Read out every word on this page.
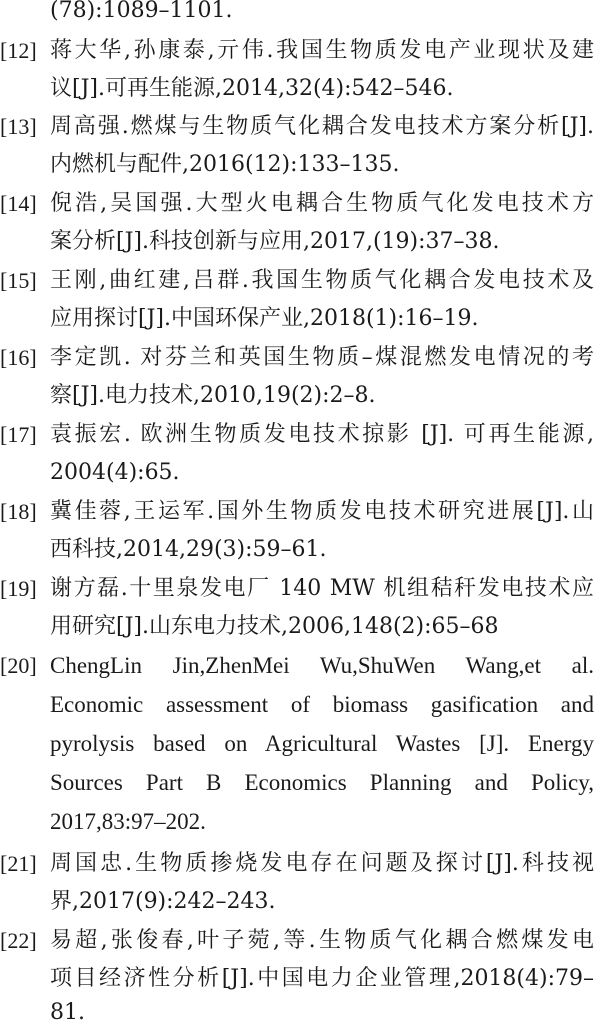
(78):1089–1101.
[12] 蒋大华,孙康泰,亓伟.我国生物质发电产业现状及建
议[J].可再生能源,2014,32(4):542–546.
[13] 周高强.燃煤与生物质气化耦合发电技术方案分析[J].
内燃机与配件,2016(12):133–135.
[14] 倪浩,吴国强.大型火电耦合生物质气化发电技术方
案分析[J].科技创新与应用,2017,(19):37–38.
[15] 王刚,曲红建,吕群.我国生物质气化耦合发电技术及
应用探讨[J].中国环保产业,2018(1):16–19.
[16] 李定凯. 对芬兰和英国生物质–煤混燃发电情况的考
察[J].电力技术,2010,19(2):2–8.
[17] 袁振宏. 欧洲生物质发电技术掠影 [J]. 可再生能源,
2004(4):65.
[18] 冀佳蓉,王运军.国外生物质发电技术研究进展[J].山
西科技,2014,29(3):59–61.
[19] 谢方磊.十里泉发电厂 140 MW 机组秸秆发电技术应
用研究[J].山东电力技术,2006,148(2):65–68
[20] ChengLin Jin,ZhenMei Wu,ShuWen Wang,et al.
Economic assessment of biomass gasification and
pyrolysis based on Agricultural Wastes [J]. Energy
Sources Part B Economics Planning and Policy,
2017,83:97–202.
[21] 周国忠.生物质掺烧发电存在问题及探讨[J].科技视
界,2017(9):242–243.
[22] 易超,张俊春,叶子菀,等.生物质气化耦合燃煤发电
项目经济性分析[J].中国电力企业管理,2018(4):79–
81.
